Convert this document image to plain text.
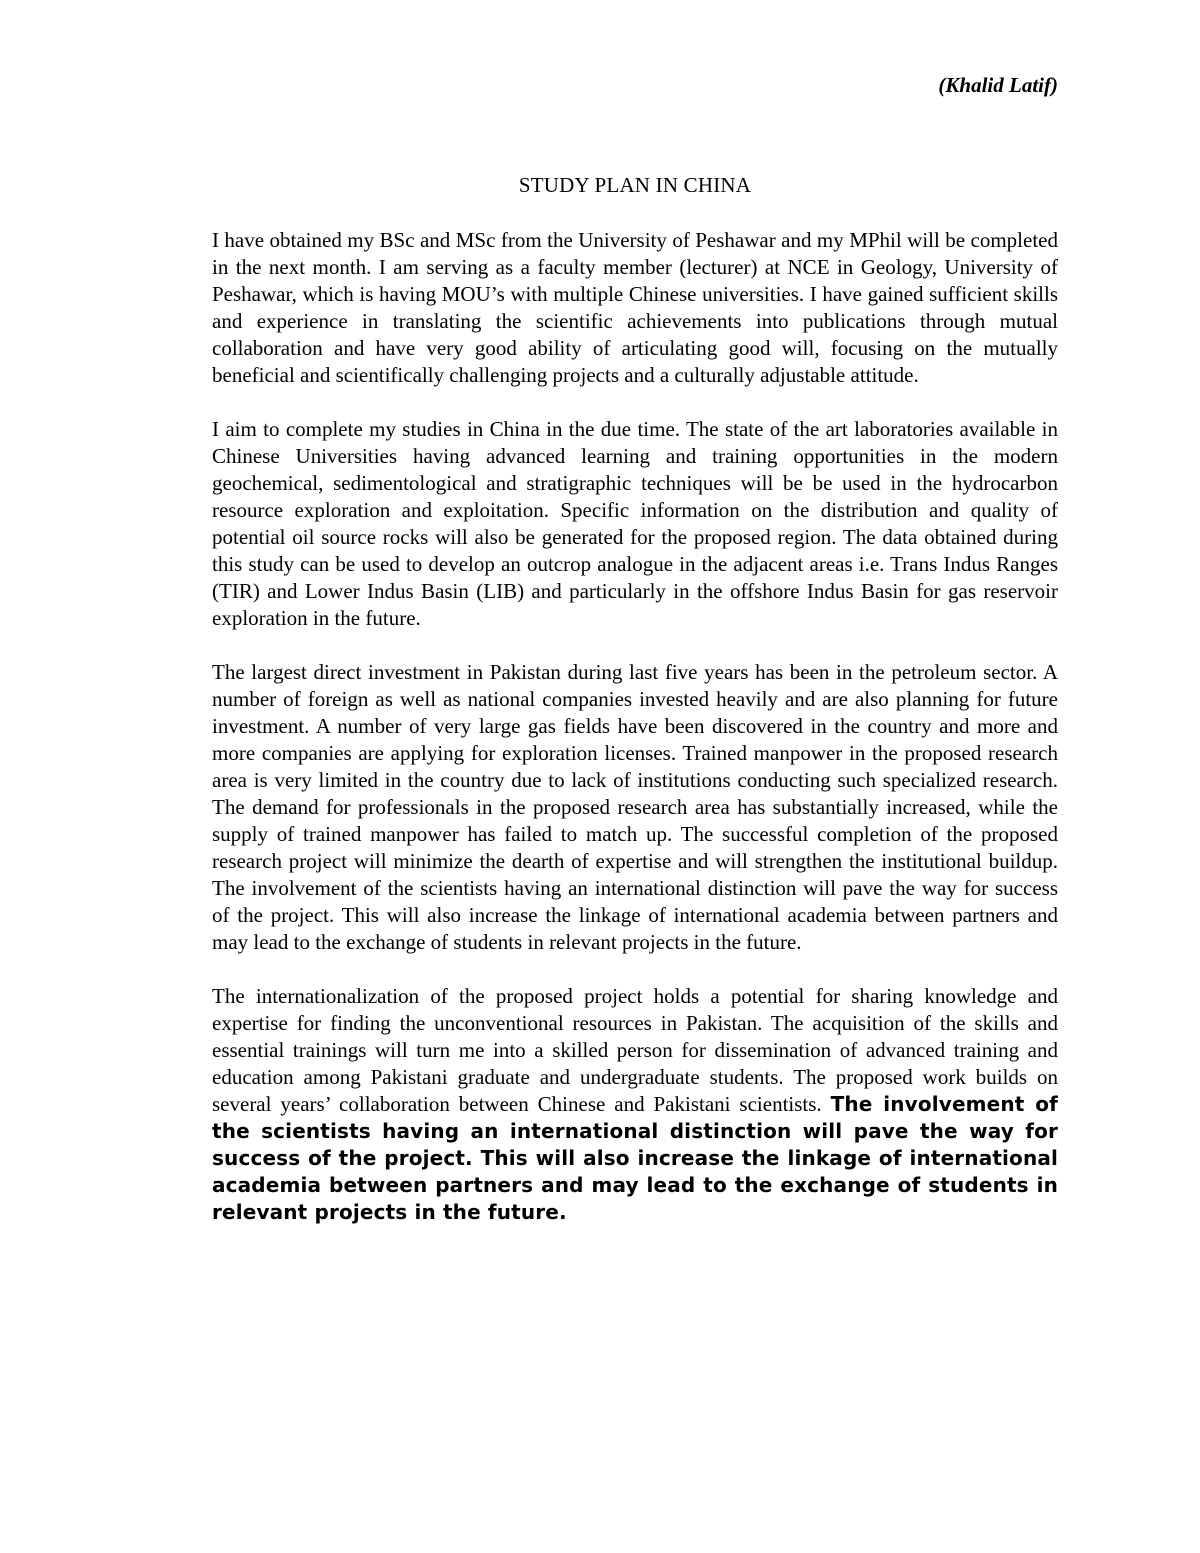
(Khalid Latif)

STUDY PLAN IN CHINA

I have obtained my BSc and MSc from the University of Peshawar and my MPhil will be completed in the next month. I am serving as a faculty member (lecturer) at NCE in Geology, University of Peshawar, which is having MOU’s with multiple Chinese universities. I have gained sufficient skills and experience in translating the scientific achievements into publications through mutual collaboration and have very good ability of articulating good will, focusing on the mutually beneficial and scientifically challenging projects and a culturally adjustable attitude.

I aim to complete my studies in China in the due time. The state of the art laboratories available in Chinese Universities having advanced learning and training opportunities in the modern geochemical, sedimentological and stratigraphic techniques will be be used in the hydrocarbon resource exploration and exploitation. Specific information on the distribution and quality of potential oil source rocks will also be generated for the proposed region. The data obtained during this study can be used to develop an outcrop analogue in the adjacent areas i.e. Trans Indus Ranges (TIR) and Lower Indus Basin (LIB) and particularly in the offshore Indus Basin for gas reservoir exploration in the future.

The largest direct investment in Pakistan during last five years has been in the petroleum sector. A number of foreign as well as national companies invested heavily and are also planning for future investment. A number of very large gas fields have been discovered in the country and more and more companies are applying for exploration licenses. Trained manpower in the proposed research area is very limited in the country due to lack of institutions conducting such specialized research. The demand for professionals in the proposed research area has substantially increased, while the supply of trained manpower has failed to match up. The successful completion of the proposed research project will minimize the dearth of expertise and will strengthen the institutional buildup. The involvement of the scientists having an international distinction will pave the way for success of the project. This will also increase the linkage of international academia between partners and may lead to the exchange of students in relevant projects in the future.

The internationalization of the proposed project holds a potential for sharing knowledge and expertise for finding the unconventional resources in Pakistan. The acquisition of the skills and essential trainings will turn me into a skilled person for dissemination of advanced training and education among Pakistani graduate and undergraduate students. The proposed work builds on several years’ collaboration between Chinese and Pakistani scientists. The involvement of the scientists having an international distinction will pave the way for success of the project. This will also increase the linkage of international academia between partners and may lead to the exchange of students in relevant projects in the future.
